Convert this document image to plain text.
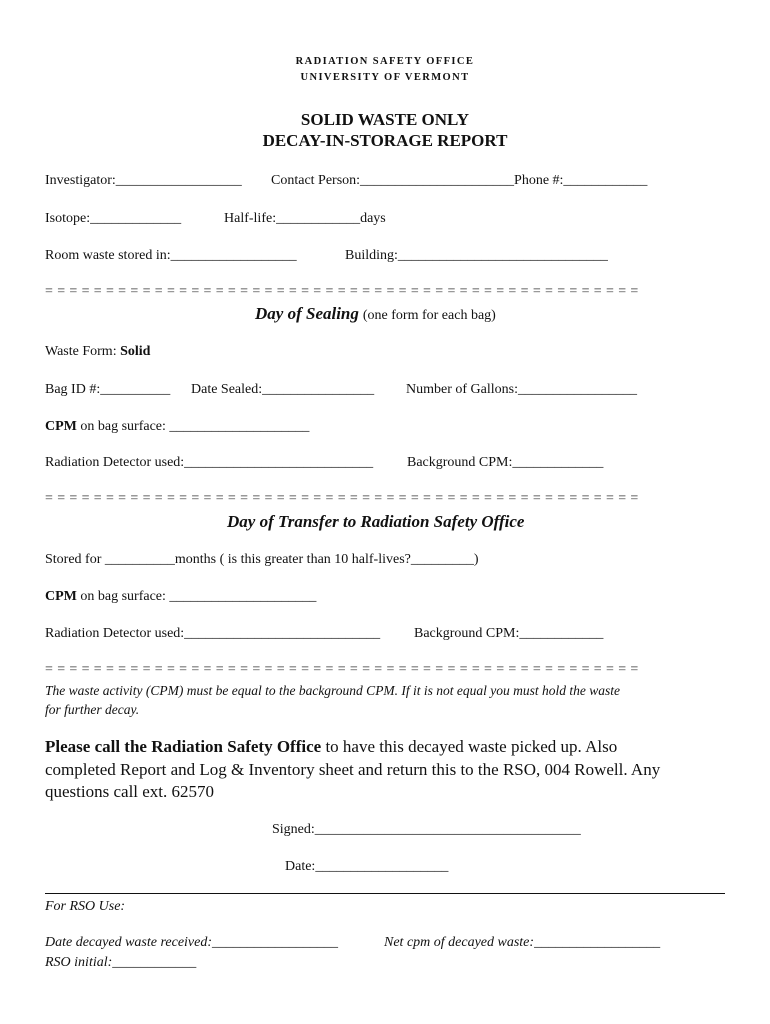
RADIATION SAFETY OFFICE
UNIVERSITY OF VERMONT
SOLID WASTE ONLY
DECAY-IN-STORAGE REPORT
Investigator:__________________ Contact Person:______________________Phone #:____________
Isotope:_____________	Half-life:____________days
Room waste stored in:__________________	Building:______________________________
= = = = = = = = = = = = = = = = = = = = = = = = = = = = = = = = = = = = = = = = = = = = = = = = =
Day of Sealing (one form for each bag)
Waste Form: Solid
Bag ID #:__________ Date Sealed:________________ Number of Gallons:_________________
CPM on bag surface: ____________________
Radiation Detector used:___________________________ Background CPM:_____________
= = = = = = = = = = = = = = = = = = = = = = = = = = = = = = = = = = = = = = = = = = = = = = = = =
Day of Transfer to Radiation Safety Office
Stored for __________months ( is this greater than 10 half-lives?_________)
CPM on bag surface: _____________________
Radiation Detector used:____________________________ Background CPM:____________
= = = = = = = = = = = = = = = = = = = = = = = = = = = = = = = = = = = = = = = = = = = = = = = = =
The waste activity (CPM) must be equal to the background CPM. If it is not equal you must hold the waste
for further decay.
Please call the Radiation Safety Office to have this decayed waste picked up. Also
completed Report and Log & Inventory sheet and return this to the RSO, 004 Rowell. Any
questions call ext. 62570
Signed:______________________________________
Date:___________________
For RSO Use:
Date decayed waste received:__________________	Net cpm of decayed waste:__________________
RSO initial:____________
